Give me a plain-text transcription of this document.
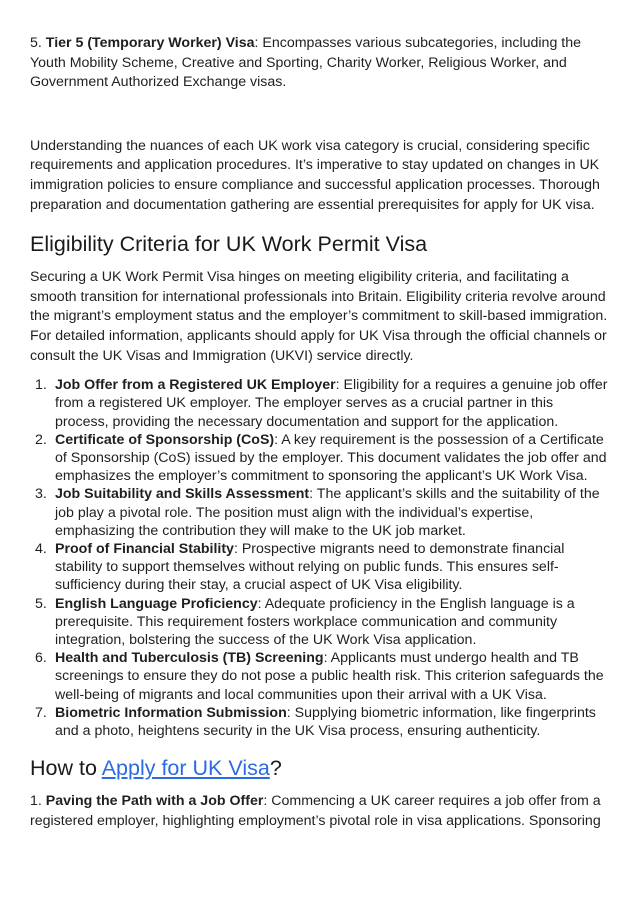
5. Tier 5 (Temporary Worker) Visa: Encompasses various subcategories, including the Youth Mobility Scheme, Creative and Sporting, Charity Worker, Religious Worker, and Government Authorized Exchange visas.

Understanding the nuances of each UK work visa category is crucial, considering specific requirements and application procedures. It’s imperative to stay updated on changes in UK immigration policies to ensure compliance and successful application processes. Thorough preparation and documentation gathering are essential prerequisites for apply for UK visa.

Eligibility Criteria for UK Work Permit Visa

Securing a UK Work Permit Visa hinges on meeting eligibility criteria, and facilitating a smooth transition for international professionals into Britain. Eligibility criteria revolve around the migrant’s employment status and the employer’s commitment to skill-based immigration. For detailed information, applicants should apply for UK Visa through the official channels or consult the UK Visas and Immigration (UKVI) service directly.

1. Job Offer from a Registered UK Employer: Eligibility for a requires a genuine job offer from a registered UK employer. The employer serves as a crucial partner in this process, providing the necessary documentation and support for the application.
2. Certificate of Sponsorship (CoS): A key requirement is the possession of a Certificate of Sponsorship (CoS) issued by the employer. This document validates the job offer and emphasizes the employer’s commitment to sponsoring the applicant’s UK Work Visa.
3. Job Suitability and Skills Assessment: The applicant’s skills and the suitability of the job play a pivotal role. The position must align with the individual’s expertise, emphasizing the contribution they will make to the UK job market.
4. Proof of Financial Stability: Prospective migrants need to demonstrate financial stability to support themselves without relying on public funds. This ensures self-sufficiency during their stay, a crucial aspect of UK Visa eligibility.
5. English Language Proficiency: Adequate proficiency in the English language is a prerequisite. This requirement fosters workplace communication and community integration, bolstering the success of the UK Work Visa application.
6. Health and Tuberculosis (TB) Screening: Applicants must undergo health and TB screenings to ensure they do not pose a public health risk. This criterion safeguards the well-being of migrants and local communities upon their arrival with a UK Visa.
7. Biometric Information Submission: Supplying biometric information, like fingerprints and a photo, heightens security in the UK Visa process, ensuring authenticity.
How to Apply for UK Visa?

1. Paving the Path with a Job Offer: Commencing a UK career requires a job offer from a registered employer, highlighting employment’s pivotal role in visa applications. Sponsoring
